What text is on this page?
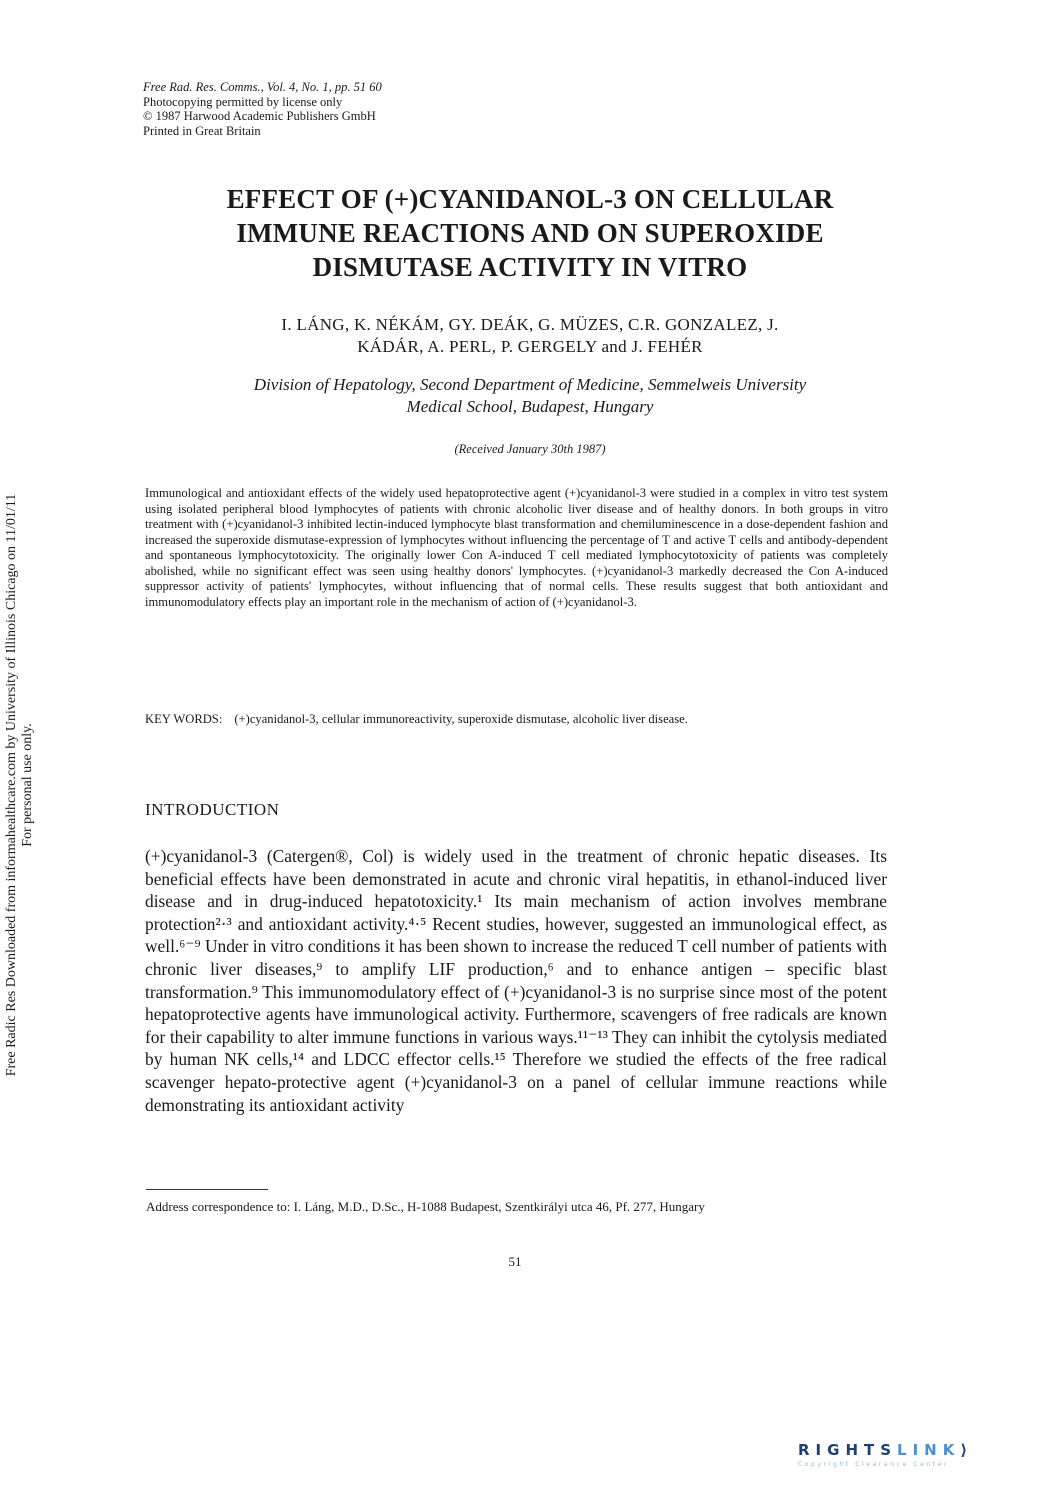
Free Radic Res Downloaded from informahealthcare.com by University of Illinois Chicago on 11/01/11 For personal use only.
Free Rad. Res. Comms., Vol. 4, No. 1, pp. 51 60
Photocopying permitted by license only
© 1987 Harwood Academic Publishers GmbH
Printed in Great Britain
EFFECT OF (+)CYANIDANOL-3 ON CELLULAR
IMMUNE REACTIONS AND ON SUPEROXIDE
DISMUTASE ACTIVITY IN VITRO
I. LÁNG, K. NÉKÁM, GY. DEÁK, G. MÜZES, C.R. GONZALEZ, J.
KÁDÁR, A. PERL, P. GERGELY and J. FEHÉR
Division of Hepatology, Second Department of Medicine, Semmelweis University
Medical School, Budapest, Hungary
(Received January 30th 1987)
Immunological and antioxidant effects of the widely used hepatoprotective agent (+)cyanidanol-3 were studied in a complex in vitro test system using isolated peripheral blood lymphocytes of patients with chronic alcoholic liver disease and of healthy donors. In both groups in vitro treatment with (+)cyanidanol-3 inhibited lectin-induced lymphocyte blast transformation and chemiluminescence in a dose-dependent fashion and increased the superoxide dismutase-expression of lymphocytes without influencing the percentage of T and active T cells and antibody-dependent and spontaneous lymphocytotoxicity. The originally lower Con A-induced T cell mediated lymphocytotoxicity of patients was completely abolished, while no significant effect was seen using healthy donors' lymphocytes. (+)cyanidanol-3 markedly decreased the Con A-induced suppressor activity of patients' lymphocytes, without influencing that of normal cells. These results suggest that both antioxidant and immunomodulatory effects play an important role in the mechanism of action of (+)cyanidanol-3.
KEY WORDS: (+)cyanidanol-3, cellular immunoreactivity, superoxide dismutase, alcoholic liver disease.
INTRODUCTION
(+)cyanidanol-3 (Catergen®, Col) is widely used in the treatment of chronic hepatic diseases. Its beneficial effects have been demonstrated in acute and chronic viral hepatitis, in ethanol-induced liver disease and in drug-induced hepatotoxicity.¹ Its main mechanism of action involves membrane protection²·³ and antioxidant activity.⁴·⁵ Recent studies, however, suggested an immunological effect, as well.⁶⁻⁹ Under in vitro conditions it has been shown to increase the reduced T cell number of patients with chronic liver diseases,⁹ to amplify LIF production,⁶ and to enhance antigen – specific blast transformation.⁹ This immunomodulatory effect of (+)cyanidanol-3 is no surprise since most of the potent hepatoprotective agents have immunological activity. Furthermore, scavengers of free radicals are known for their capability to alter immune functions in various ways.¹¹⁻¹³ They can inhibit the cytolysis mediated by human NK cells,¹⁴ and LDCC effector cells.¹⁵ Therefore we studied the effects of the free radical scavenger hepato-protective agent (+)cyanidanol-3 on a panel of cellular immune reactions while demonstrating its antioxidant activity
Address correspondence to: I. Láng, M.D., D.Sc., H-1088 Budapest, Szentkirályi utca 46, Pf. 277, Hungary
51
RIGHTSLINK⟩
Copyright Clearance Center
